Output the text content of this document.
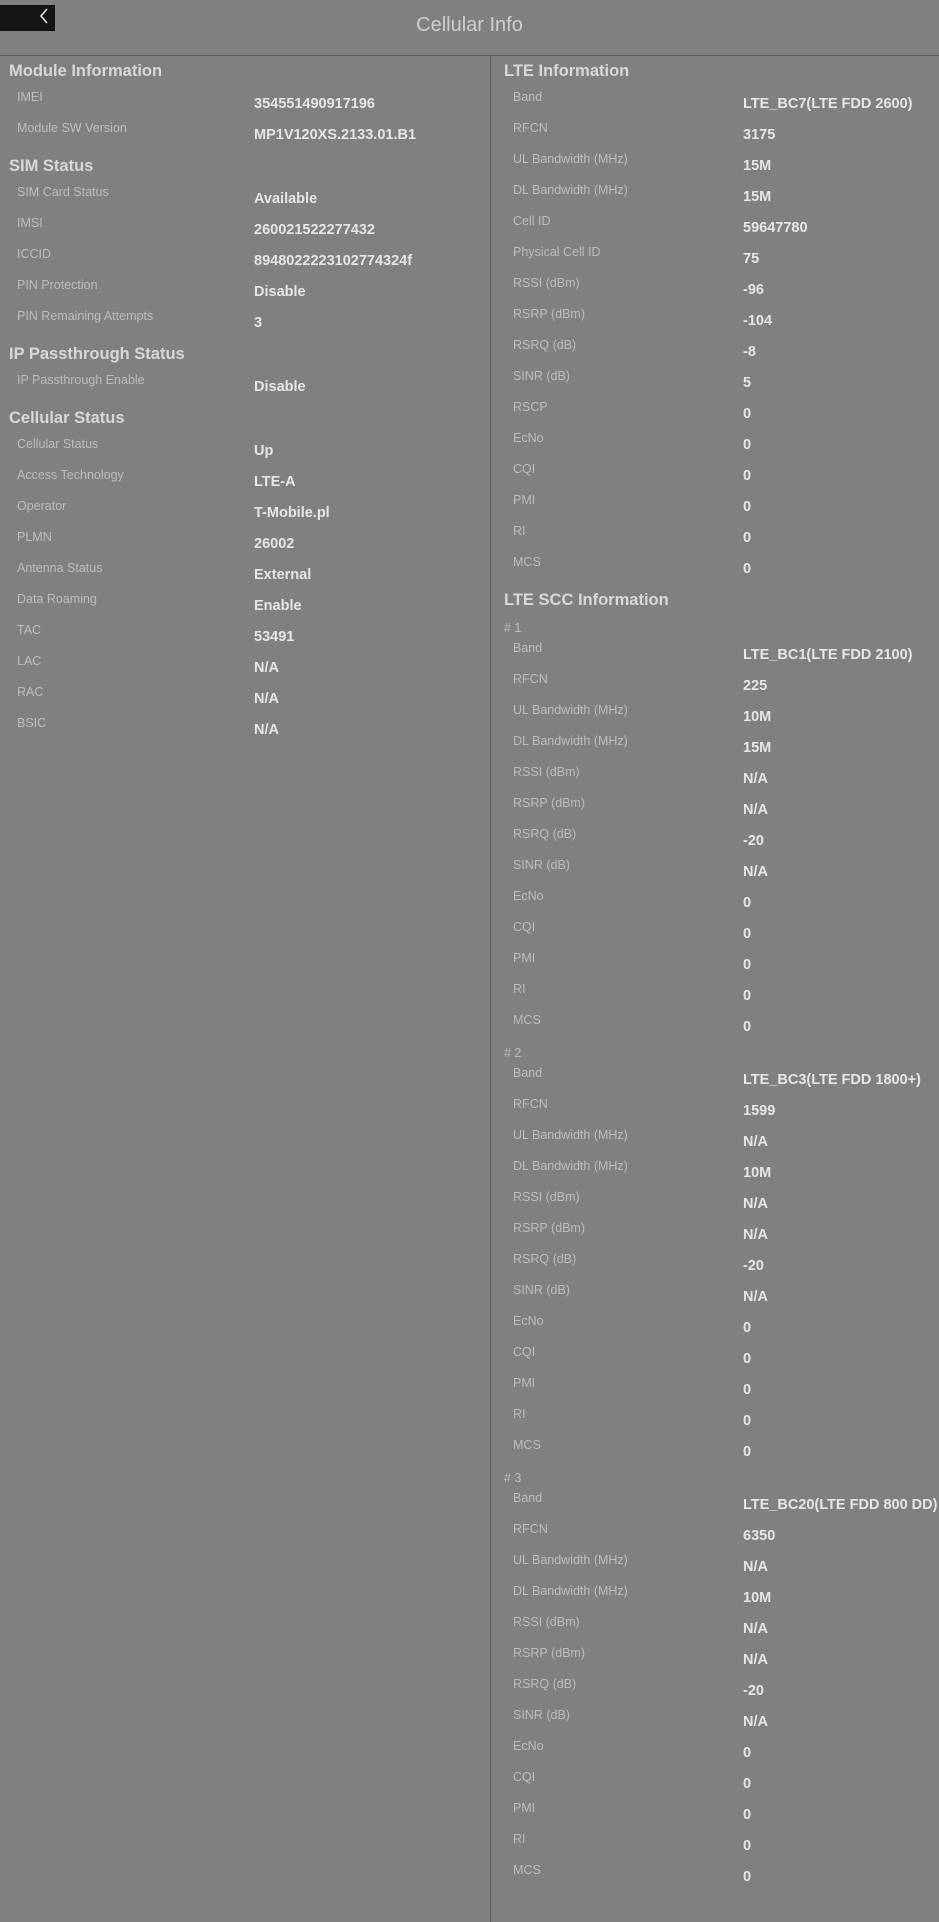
Cellular Info
Module Information
IMEI	354551490917196
Module SW Version	MP1V120XS.2133.01.B1
SIM Status
SIM Card Status	Available
IMSI	260021522277432
ICCID	8948022223102774324f
PIN Protection	Disable
PIN Remaining Attempts	3
IP Passthrough Status
IP Passthrough Enable	Disable
Cellular Status
Cellular Status	Up
Access Technology	LTE-A
Operator	T-Mobile.pl
PLMN	26002
Antenna Status	External
Data Roaming	Enable
TAC	53491
LAC	N/A
RAC	N/A
BSIC	N/A
LTE Information
Band	LTE_BC7(LTE FDD 2600)
RFCN	3175
UL Bandwidth (MHz)	15M
DL Bandwidth (MHz)	15M
Cell ID	59647780
Physical Cell ID	75
RSSI (dBm)	-96
RSRP (dBm)	-104
RSRQ (dB)	-8
SINR (dB)	5
RSCP	0
EcNo	0
CQI	0
PMI	0
RI	0
MCS	0
LTE SCC Information
# 1
Band	LTE_BC1(LTE FDD 2100)
RFCN	225
UL Bandwidth (MHz)	10M
DL Bandwidth (MHz)	15M
RSSI (dBm)	N/A
RSRP (dBm)	N/A
RSRQ (dB)	-20
SINR (dB)	N/A
EcNo	0
CQI	0
PMI	0
RI	0
MCS	0
# 2
Band	LTE_BC3(LTE FDD 1800+)
RFCN	1599
UL Bandwidth (MHz)	N/A
DL Bandwidth (MHz)	10M
RSSI (dBm)	N/A
RSRP (dBm)	N/A
RSRQ (dB)	-20
SINR (dB)	N/A
EcNo	0
CQI	0
PMI	0
RI	0
MCS	0
# 3
Band	LTE_BC20(LTE FDD 800 DD)
RFCN	6350
UL Bandwidth (MHz)	N/A
DL Bandwidth (MHz)	10M
RSSI (dBm)	N/A
RSRP (dBm)	N/A
RSRQ (dB)	-20
SINR (dB)	N/A
EcNo	0
CQI	0
PMI	0
RI	0
MCS	0
